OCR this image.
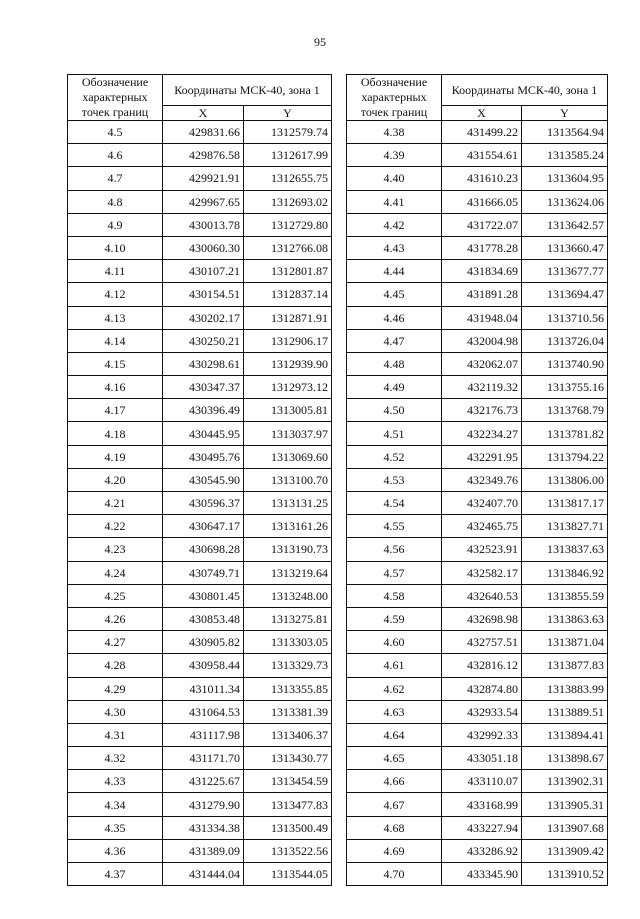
95
Обозначение характерных точек границ	Координаты МСК-40, зона 1	
	X	Y
4.5	429831.66	1312579.74
4.6	429876.58	1312617.99
4.7	429921.91	1312655.75
4.8	429967.65	1312693.02
4.9	430013.78	1312729.80
4.10	430060.30	1312766.08
4.11	430107.21	1312801.87
4.12	430154.51	1312837.14
4.13	430202.17	1312871.91
4.14	430250.21	1312906.17
4.15	430298.61	1312939.90
4.16	430347.37	1312973.12
4.17	430396.49	1313005.81
4.18	430445.95	1313037.97
4.19	430495.76	1313069.60
4.20	430545.90	1313100.70
4.21	430596.37	1313131.25
4.22	430647.17	1313161.26
4.23	430698.28	1313190.73
4.24	430749.71	1313219.64
4.25	430801.45	1313248.00
4.26	430853.48	1313275.81
4.27	430905.82	1313303.05
4.28	430958.44	1313329.73
4.29	431011.34	1313355.85
4.30	431064.53	1313381.39
4.31	431117.98	1313406.37
4.32	431171.70	1313430.77
4.33	431225.67	1313454.59
4.34	431279.90	1313477.83
4.35	431334.38	1313500.49
4.36	431389.09	1313522.56
4.37	431444.04	1313544.05
Обозначение характерных точек границ	Координаты МСК-40, зона 1	
	X	Y
4.38	431499.22	1313564.94
4.39	431554.61	1313585.24
4.40	431610.23	1313604.95
4.41	431666.05	1313624.06
4.42	431722.07	1313642.57
4.43	431778.28	1313660.47
4.44	431834.69	1313677.77
4.45	431891.28	1313694.47
4.46	431948.04	1313710.56
4.47	432004.98	1313726.04
4.48	432062.07	1313740.90
4.49	432119.32	1313755.16
4.50	432176.73	1313768.79
4.51	432234.27	1313781.82
4.52	432291.95	1313794.22
4.53	432349.76	1313806.00
4.54	432407.70	1313817.17
4.55	432465.75	1313827.71
4.56	432523.91	1313837.63
4.57	432582.17	1313846.92
4.58	432640.53	1313855.59
4.59	432698.98	1313863.63
4.60	432757.51	1313871.04
4.61	432816.12	1313877.83
4.62	432874.80	1313883.99
4.63	432933.54	1313889.51
4.64	432992.33	1313894.41
4.65	433051.18	1313898.67
4.66	433110.07	1313902.31
4.67	433168.99	1313905.31
4.68	433227.94	1313907.68
4.69	433286.92	1313909.42
4.70	433345.90	1313910.52
